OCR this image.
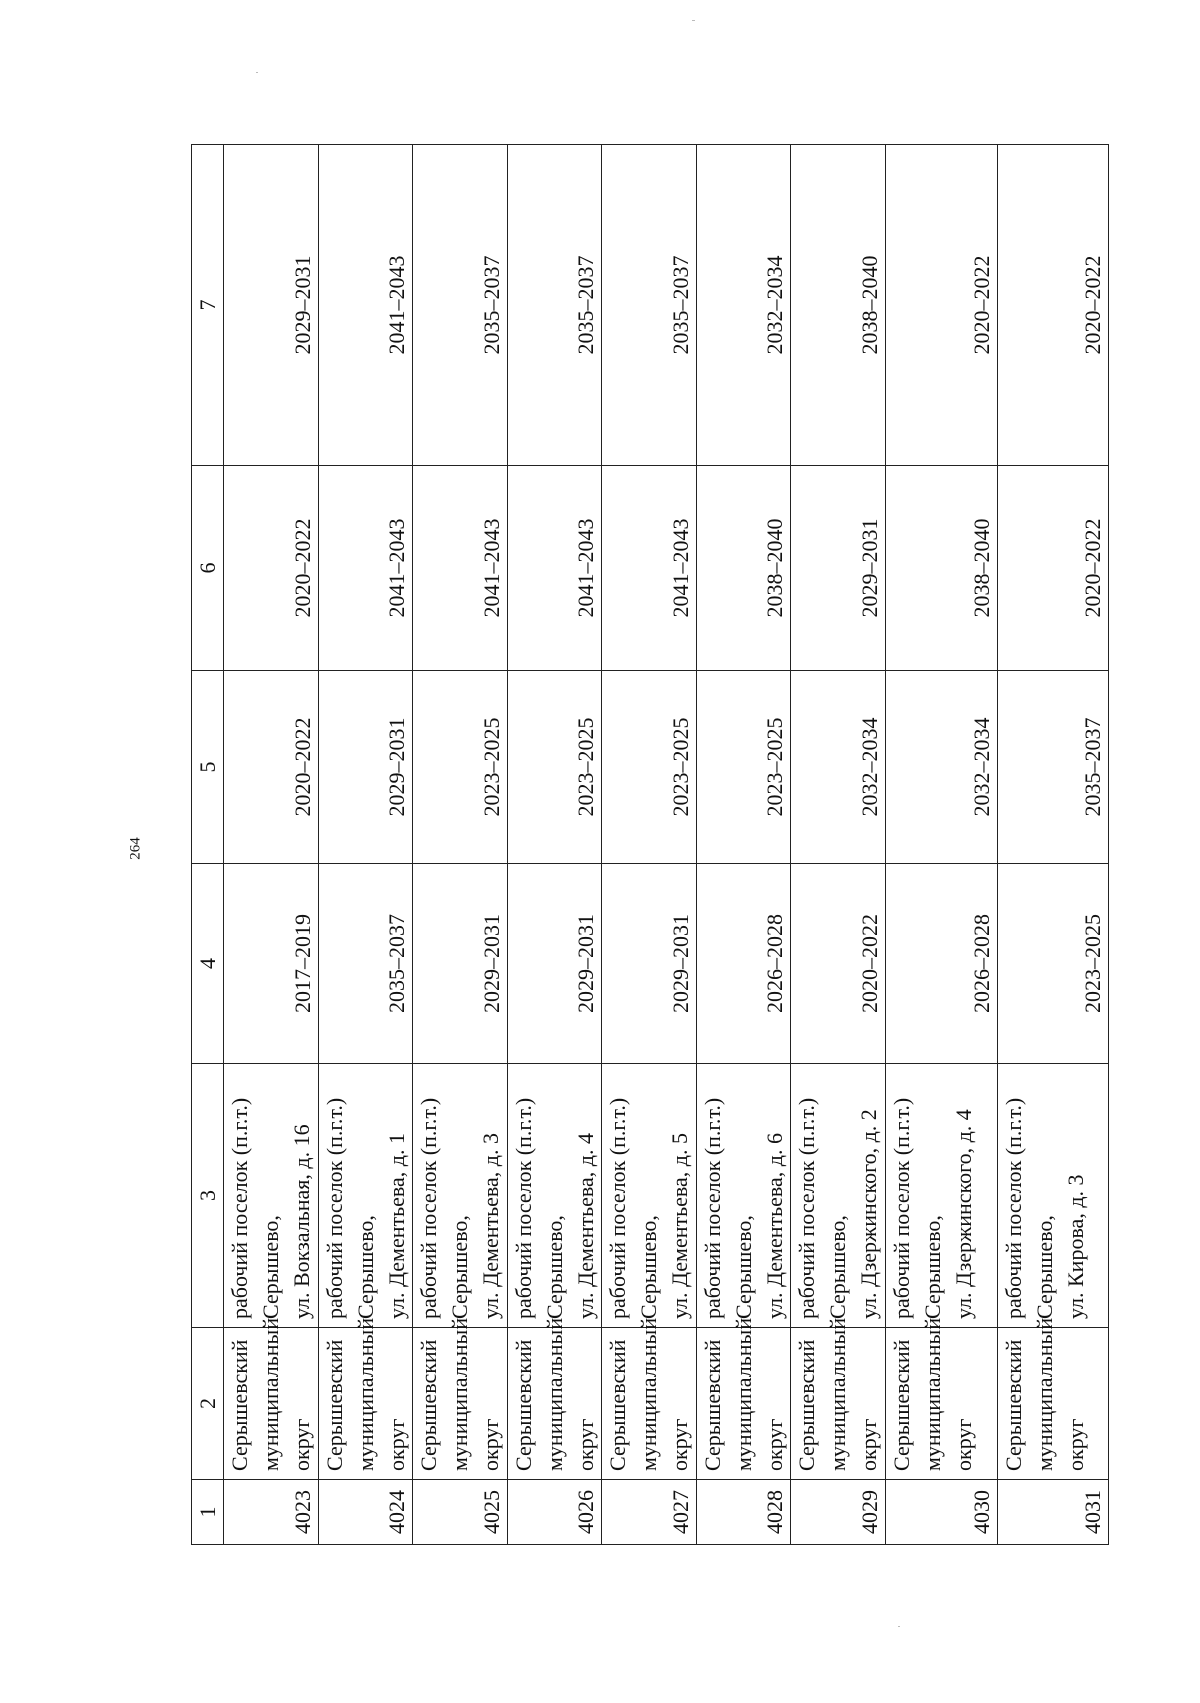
264
1	2	3	4	5	6	7
4023	Серышевский муниципальный округ	рабочий поселок (п.г.т.) Серышево, ул. Вокзальная, д. 16	2017–2019	2020–2022	2020–2022	2029–2031
4024	Серышевский муниципальный округ	рабочий поселок (п.г.т.) Серышево, ул. Дементьева, д. 1	2035–2037	2029–2031	2041–2043	2041–2043
4025	Серышевский муниципальный округ	рабочий поселок (п.г.т.) Серышево, ул. Дементьева, д. 3	2029–2031	2023–2025	2041–2043	2035–2037
4026	Серышевский муниципальный округ	рабочий поселок (п.г.т.) Серышево, ул. Дементьева, д. 4	2029–2031	2023–2025	2041–2043	2035–2037
4027	Серышевский муниципальный округ	рабочий поселок (п.г.т.) Серышево, ул. Дементьева, д. 5	2029–2031	2023–2025	2041–2043	2035–2037
4028	Серышевский муниципальный округ	рабочий поселок (п.г.т.) Серышево, ул. Дементьева, д. 6	2026–2028	2023–2025	2038–2040	2032–2034
4029	Серышевский муниципальный округ	рабочий поселок (п.г.т.) Серышево, ул. Дзержинского, д. 2	2020–2022	2032–2034	2029–2031	2038–2040
4030	Серышевский муниципальный округ	рабочий поселок (п.г.т.) Серышево, ул. Дзержинского, д. 4	2026–2028	2032–2034	2038–2040	2020–2022
4031	Серышевский муниципальный округ	рабочий поселок (п.г.т.) Серышево, ул. Кирова, д. 3	2023–2025	2035–2037	2020–2022	2020–2022
